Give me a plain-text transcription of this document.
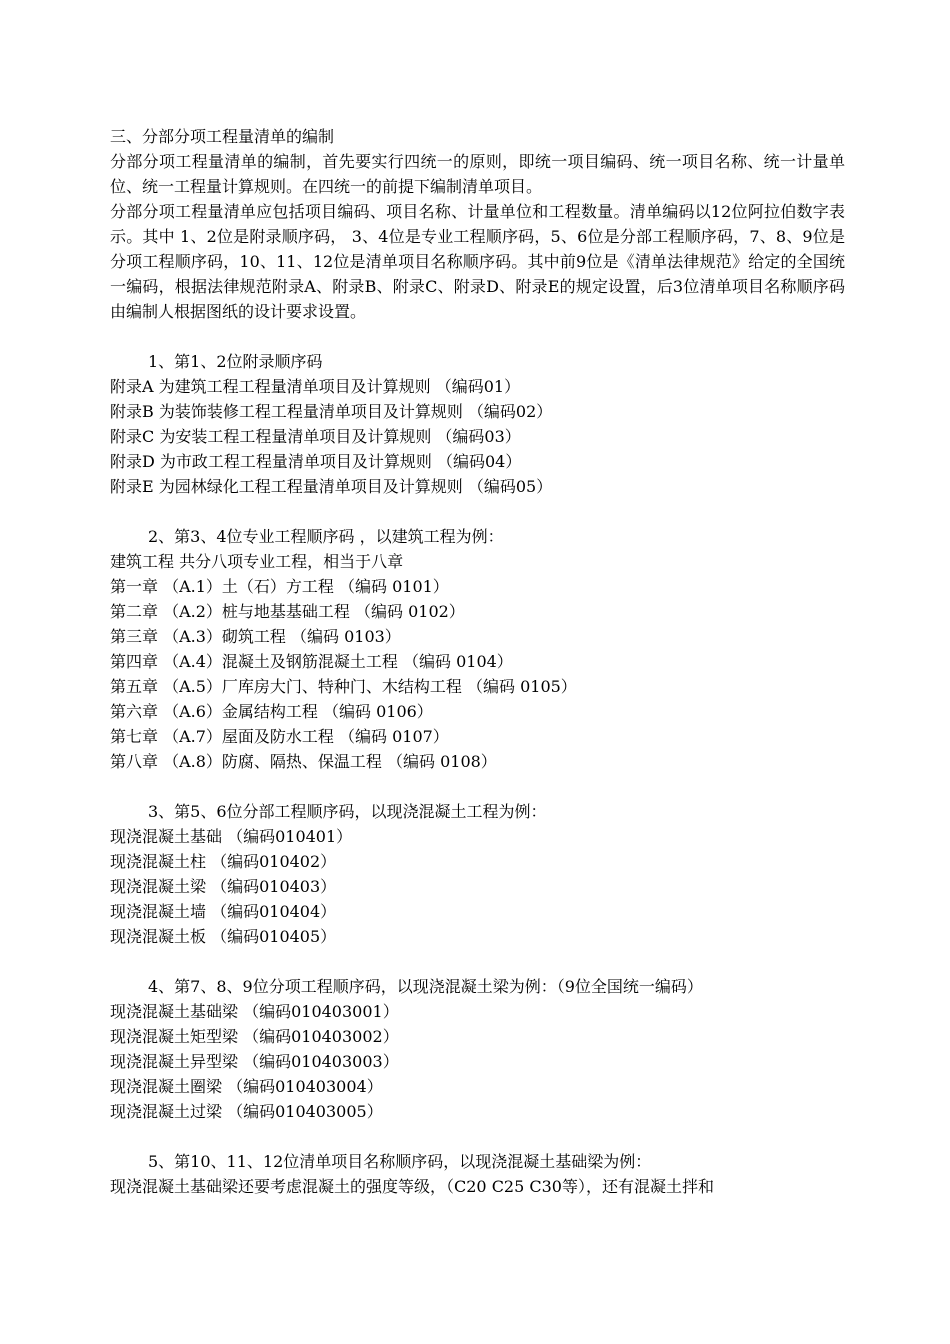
三、分部分项工程量清单的编制
分部分项工程量清单的编制，首先要实行四统一的原则，即统一项目编码、统一项目名称、统一计量单位、统一工程量计算规则。在四统一的前提下编制清单项目。
分部分项工程量清单应包括项目编码、项目名称、计量单位和工程数量。清单编码以12位阿拉伯数字表示。其中 1、2位是附录顺序码， 3、4位是专业工程顺序码，5、6位是分部工程顺序码，7、8、9位是分项工程顺序码，10、11、12位是清单项目名称顺序码。其中前9位是《清单法律规范》给定的全国统一编码，根据法律规范附录A、附录B、附录C、附录D、附录E的规定设置，后3位清单项目名称顺序码由编制人根据图纸的设计要求设置。
1、第1、2位附录顺序码
附录A 为建筑工程工程量清单项目及计算规则 （编码01）
附录B 为装饰装修工程工程量清单项目及计算规则 （编码02）
附录C 为安装工程工程量清单项目及计算规则 （编码03）
附录D 为市政工程工程量清单项目及计算规则 （编码04）
附录E 为园林绿化工程工程量清单项目及计算规则 （编码05）
2、第3、4位专业工程顺序码 ，以建筑工程为例：
建筑工程 共分八项专业工程，相当于八章
第一章 （A.1）土（石）方工程 （编码 0101）
第二章 （A.2）桩与地基基础工程 （编码 0102）
第三章 （A.3）砌筑工程 （编码 0103）
第四章 （A.4）混凝土及钢筋混凝土工程 （编码 0104）
第五章 （A.5）厂库房大门、特种门、木结构工程 （编码 0105）
第六章 （A.6）金属结构工程 （编码 0106）
第七章 （A.7）屋面及防水工程 （编码 0107）
第八章 （A.8）防腐、隔热、保温工程 （编码 0108）
3、第5、6位分部工程顺序码，以现浇混凝土工程为例：
现浇混凝土基础 （编码010401）
现浇混凝土柱 （编码010402）
现浇混凝土梁 （编码010403）
现浇混凝土墙 （编码010404）
现浇混凝土板 （编码010405）
4、第7、8、9位分项工程顺序码，以现浇混凝土梁为例：（9位全国统一编码）
现浇混凝土基础梁 （编码010403001）
现浇混凝土矩型梁 （编码010403002）
现浇混凝土异型梁 （编码010403003）
现浇混凝土圈梁 （编码010403004）
现浇混凝土过梁 （编码010403005）
5、第10、11、12位清单项目名称顺序码，以现浇混凝土基础梁为例：
现浇混凝土基础梁还要考虑混凝土的强度等级，（C20 C25 C30等），还有混凝土拌和
